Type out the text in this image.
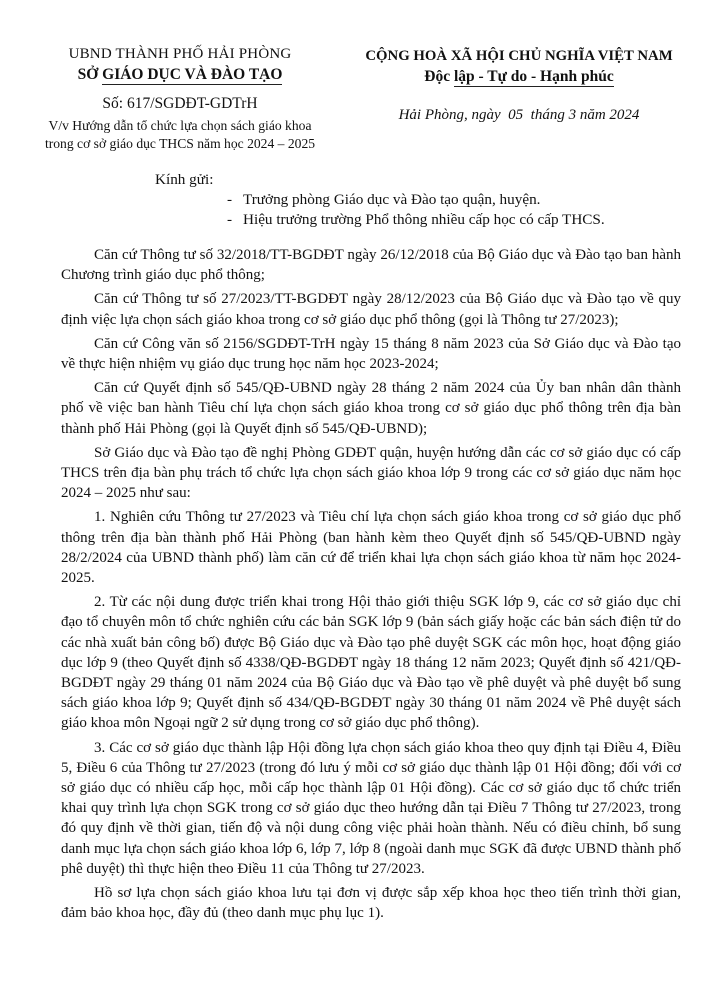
UBND THÀNH PHỐ HẢI PHÒNG
SỞ GIÁO DỤC VÀ ĐÀO TẠO
Số: 617/SGDĐT-GDTrH
V/v Hướng dẫn tổ chức lựa chọn sách giáo khoa trong cơ sở giáo dục THCS năm học 2024 – 2025
CỘNG HOÀ XÃ HỘI CHỦ NGHĨA VIỆT NAM
Độc lập - Tự do - Hạnh phúc
Hải Phòng, ngày  05  tháng 3 năm 2024
Kính gửi:
- Trưởng phòng Giáo dục và Đào tạo quận, huyện.
- Hiệu trưởng trường Phổ thông nhiều cấp học có cấp THCS.

Căn cứ Thông tư số 32/2018/TT-BGDĐT ngày 26/12/2018 của Bộ Giáo dục và Đào tạo ban hành Chương trình giáo dục phổ thông;

Căn cứ Thông tư số 27/2023/TT-BGDĐT ngày 28/12/2023 của Bộ Giáo dục và Đào tạo về quy định việc lựa chọn sách giáo khoa trong cơ sở giáo dục phổ thông (gọi là Thông tư 27/2023);

Căn cứ Công văn số 2156/SGDĐT-TrH ngày 15 tháng 8 năm 2023 của Sở Giáo dục và Đào tạo về thực hiện nhiệm vụ giáo dục trung học năm học 2023-2024;

Căn cứ Quyết định số 545/QĐ-UBND ngày 28 tháng 2 năm 2024 của Ủy ban nhân dân thành phố về việc ban hành Tiêu chí lựa chọn sách giáo khoa trong cơ sở giáo dục phổ thông trên địa bàn thành phố Hải Phòng (gọi là Quyết định số 545/QĐ-UBND);

Sở Giáo dục và Đào tạo đề nghị Phòng GDĐT quận, huyện hướng dẫn các cơ sở giáo dục có cấp THCS trên địa bàn phụ trách tổ chức lựa chọn sách giáo khoa lớp 9 trong các cơ sở giáo dục năm học 2024 – 2025 như sau:

1. Nghiên cứu Thông tư 27/2023 và Tiêu chí lựa chọn sách giáo khoa trong cơ sở giáo dục phổ thông trên địa bàn thành phố Hải Phòng (ban hành kèm theo Quyết định số 545/QĐ-UBND ngày 28/2/2024 của UBND thành phố) làm căn cứ để triển khai lựa chọn sách giáo khoa từ năm học 2024-2025.

2. Từ các nội dung được triển khai trong Hội thảo giới thiệu SGK lớp 9, các cơ sở giáo dục chỉ đạo tổ chuyên môn tổ chức nghiên cứu các bản SGK lớp 9 (bản sách giấy hoặc các bản sách điện tử do các nhà xuất bản công bố) được Bộ Giáo dục và Đào tạo phê duyệt SGK các môn học, hoạt động giáo dục lớp 9 (theo Quyết định số 4338/QĐ-BGDĐT ngày 18 tháng 12 năm 2023; Quyết định số 421/QĐ-BGDĐT ngày 29 tháng 01 năm 2024 của Bộ Giáo dục và Đào tạo về phê duyệt và phê duyệt bổ sung sách giáo khoa lớp 9; Quyết định số 434/QĐ-BGDĐT ngày 30 tháng 01 năm 2024 về Phê duyệt sách giáo khoa môn Ngoại ngữ 2 sử dụng trong cơ sở giáo dục phổ thông).

3. Các cơ sở giáo dục thành lập Hội đồng lựa chọn sách giáo khoa theo quy định tại Điều 4, Điều 5, Điều 6 của Thông tư 27/2023 (trong đó lưu ý mỗi cơ sở giáo dục thành lập 01 Hội đồng; đối với cơ sở giáo dục có nhiều cấp học, mỗi cấp học thành lập 01 Hội đồng). Các cơ sở giáo dục tổ chức triển khai quy trình lựa chọn SGK trong cơ sở giáo dục theo hướng dẫn tại Điều 7 Thông tư 27/2023, trong đó quy định về thời gian, tiến độ và nội dung công việc phải hoàn thành. Nếu có điều chỉnh, bổ sung danh mục lựa chọn sách giáo khoa lớp 6, lớp 7, lớp 8 (ngoài danh mục SGK đã được UBND thành phố phê duyệt) thì thực hiện theo Điều 11 của Thông tư 27/2023.

Hồ sơ lựa chọn sách giáo khoa lưu tại đơn vị được sắp xếp khoa học theo tiến trình thời gian, đảm bảo khoa học, đầy đủ (theo danh mục phụ lục 1).
